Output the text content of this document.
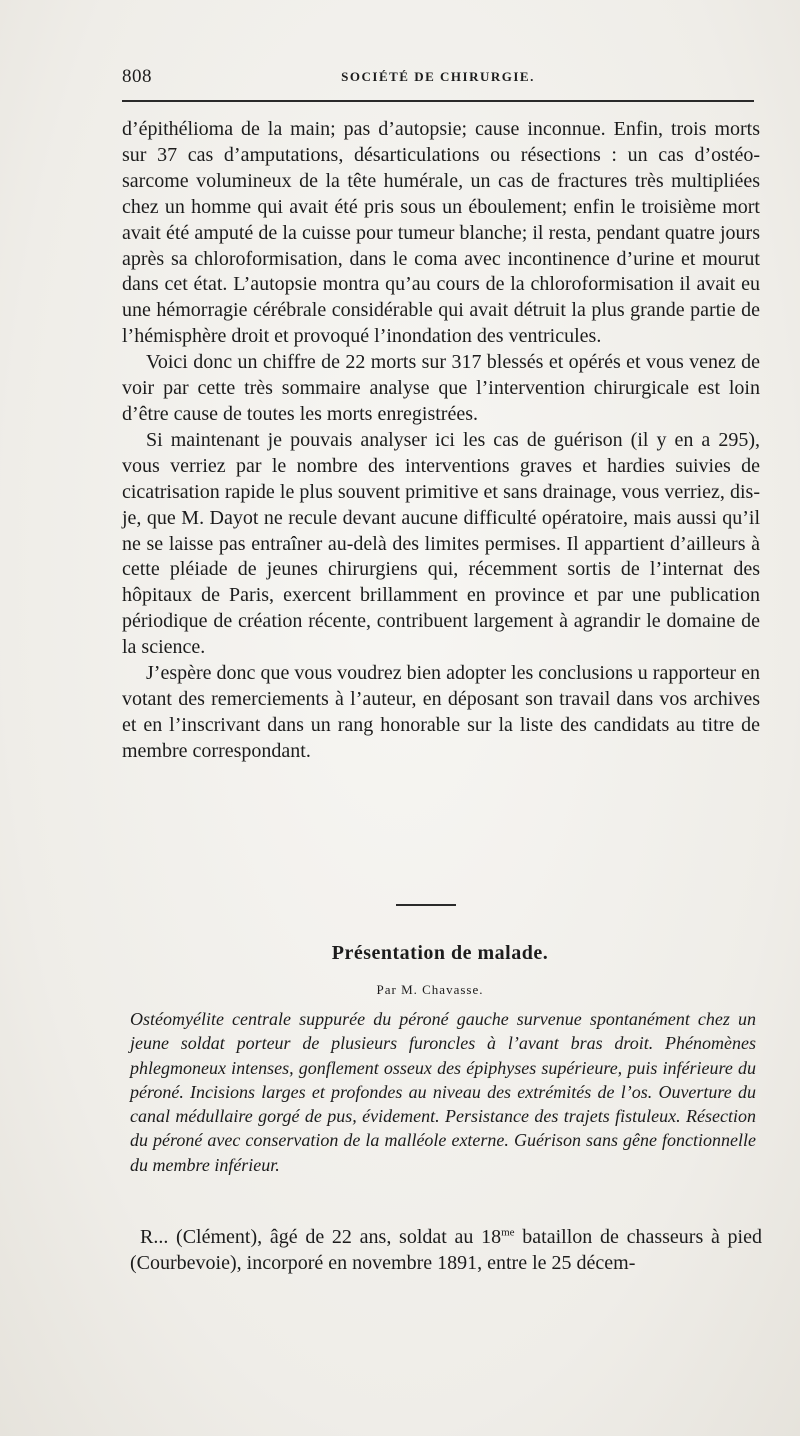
808	SOCIÉTÉ DE CHIRURGIE.

d’épithélioma de la main; pas d’autopsie; cause inconnue. Enfin, trois morts sur 37 cas d’amputations, désarticulations ou résections : un cas d’ostéo-sarcome volumineux de la tête humérale, un cas de fractures très multipliées chez un homme qui avait été pris sous un éboulement; enfin le troisième mort avait été amputé de la cuisse pour tumeur blanche; il resta, pendant quatre jours après sa chloroformisation, dans le coma avec incontinence d’urine et mourut dans cet état. L’autopsie montra qu’au cours de la chloroformisation il avait eu une hémorragie cérébrale considérable qui avait détruit la plus grande partie de l’hémisphère droit et provoqué l’inondation des ventricules.

Voici donc un chiffre de 22 morts sur 317 blessés et opérés et vous venez de voir par cette très sommaire analyse que l’intervention chirurgicale est loin d’être cause de toutes les morts enregistrées.

Si maintenant je pouvais analyser ici les cas de guérison (il y en a 295), vous verriez par le nombre des interventions graves et hardies suivies de cicatrisation rapide le plus souvent primitive et sans drainage, vous verriez, dis-je, que M. Dayot ne recule devant aucune difficulté opératoire, mais aussi qu’il ne se laisse pas entraîner au-delà des limites permises. Il appartient d’ailleurs à cette pléiade de jeunes chirurgiens qui, récemment sortis de l’internat des hôpitaux de Paris, exercent brillamment en province et par une publication périodique de création récente, contribuent largement à agrandir le domaine de la science.

J’espère donc que vous voudrez bien adopter les conclusions u rapporteur en votant des remerciements à l’auteur, en déposant son travail dans vos archives et en l’inscrivant dans un rang honorable sur la liste des candidats au titre de membre correspondant.

Présentation de malade.
Par M. Chavasse.
Ostéomyélite centrale suppurée du péroné gauche survenue spontanément chez un jeune soldat porteur de plusieurs furoncles à l’avant bras droit. Phénomènes phlegmoneux intenses, gonflement osseux des épiphyses supérieure, puis inférieure du péroné. Incisions larges et profondes au niveau des extrémités de l’os. Ouverture du canal médullaire gorgé de pus, évidement. Persistance des trajets fistuleux. Résection du péroné avec conservation de la malléole externe. Guérison sans gêne fonctionnelle du membre inférieur.

R... (Clément), âgé de 22 ans, soldat au $18^{me}$ bataillon de chasseurs à pied (Courbevoie), incorporé en novembre 1891, entre le 25 décem-
